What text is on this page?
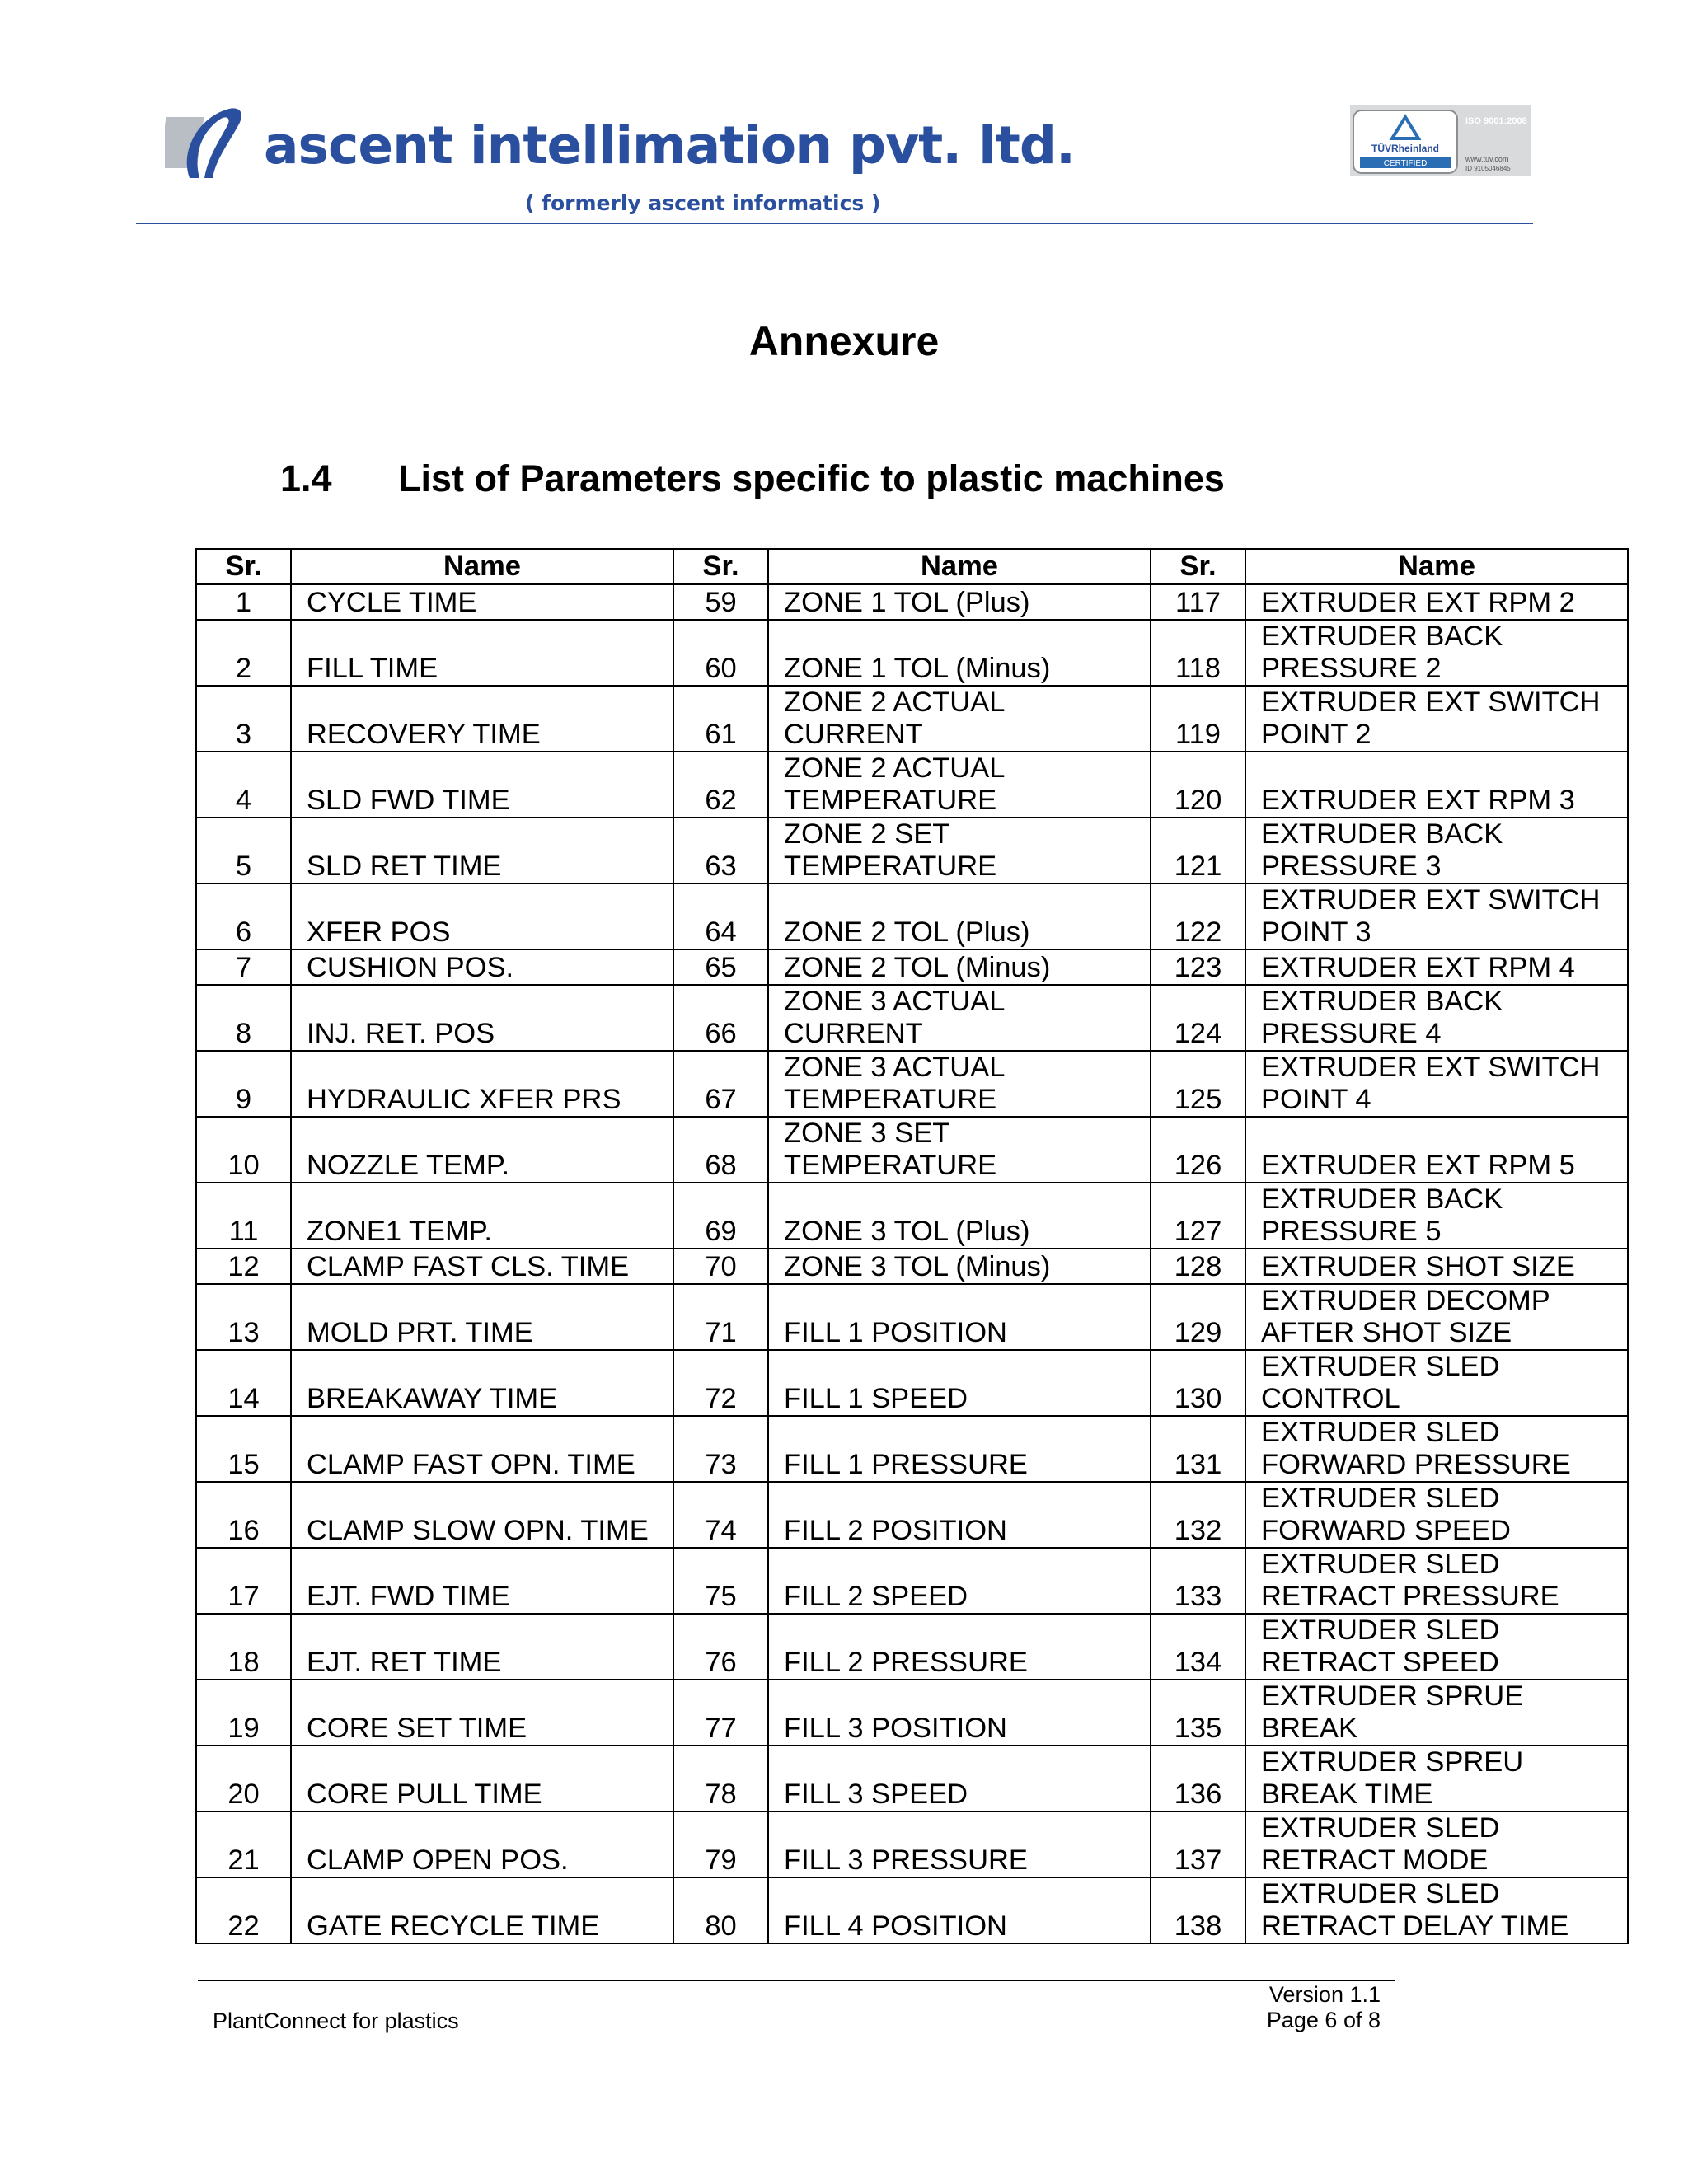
ascent intellimation pvt. ltd.
( formerly ascent informatics )
TÜVRheinland
CERTIFIED
ISO 9001:2008
www.tuv.com
ID 9105046845
Annexure
1.4 List of Parameters specific to plastic machines
Sr.	Name	Sr.	Name	Sr.	Name
1	CYCLE TIME	59	ZONE 1 TOL (Plus)	117	EXTRUDER EXT RPM 2
2	FILL TIME	60	ZONE 1 TOL (Minus)	118	EXTRUDER BACK PRESSURE 2
3	RECOVERY TIME	61	ZONE 2 ACTUAL CURRENT	119	EXTRUDER EXT SWITCH POINT 2
4	SLD FWD TIME	62	ZONE 2 ACTUAL TEMPERATURE	120	EXTRUDER EXT RPM 3
5	SLD RET TIME	63	ZONE 2 SET TEMPERATURE	121	EXTRUDER BACK PRESSURE 3
6	XFER POS	64	ZONE 2 TOL (Plus)	122	EXTRUDER EXT SWITCH POINT 3
7	CUSHION POS.	65	ZONE 2 TOL (Minus)	123	EXTRUDER EXT RPM 4
8	INJ. RET. POS	66	ZONE 3 ACTUAL CURRENT	124	EXTRUDER BACK PRESSURE 4
9	HYDRAULIC XFER PRS	67	ZONE 3 ACTUAL TEMPERATURE	125	EXTRUDER EXT SWITCH POINT 4
10	NOZZLE TEMP.	68	ZONE 3 SET TEMPERATURE	126	EXTRUDER EXT RPM 5
11	ZONE1 TEMP.	69	ZONE 3 TOL (Plus)	127	EXTRUDER BACK PRESSURE 5
12	CLAMP FAST CLS. TIME	70	ZONE 3 TOL (Minus)	128	EXTRUDER SHOT SIZE
13	MOLD PRT. TIME	71	FILL 1 POSITION	129	EXTRUDER DECOMP AFTER SHOT SIZE
14	BREAKAWAY TIME	72	FILL 1 SPEED	130	EXTRUDER SLED CONTROL
15	CLAMP FAST OPN. TIME	73	FILL 1 PRESSURE	131	EXTRUDER SLED FORWARD PRESSURE
16	CLAMP SLOW OPN. TIME	74	FILL 2 POSITION	132	EXTRUDER SLED FORWARD SPEED
17	EJT. FWD TIME	75	FILL 2 SPEED	133	EXTRUDER SLED RETRACT PRESSURE
18	EJT. RET TIME	76	FILL 2 PRESSURE	134	EXTRUDER SLED RETRACT SPEED
19	CORE SET TIME	77	FILL 3 POSITION	135	EXTRUDER SPRUE BREAK
20	CORE PULL TIME	78	FILL 3 SPEED	136	EXTRUDER SPREU BREAK TIME
21	CLAMP OPEN POS.	79	FILL 3 PRESSURE	137	EXTRUDER SLED RETRACT MODE
22	GATE RECYCLE TIME	80	FILL 4 POSITION	138	EXTRUDER SLED RETRACT DELAY TIME
PlantConnect for plastics
Version 1.1
Page 6 of 8
